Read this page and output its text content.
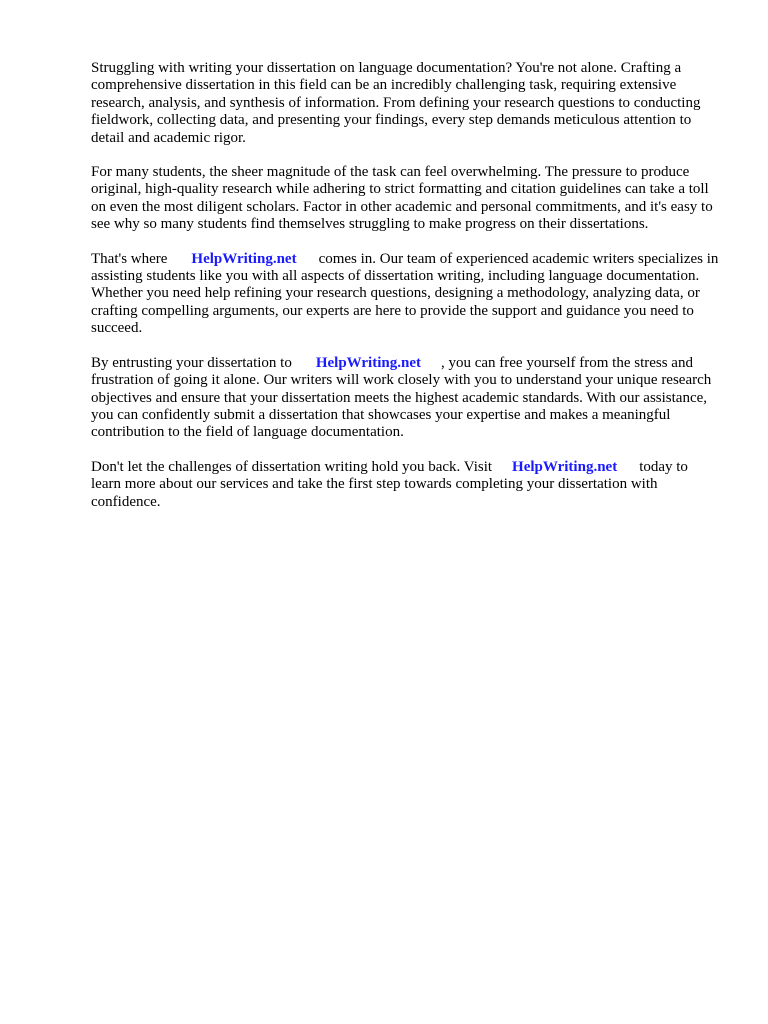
Struggling with writing your dissertation on language documentation? You're not alone. Crafting a comprehensive dissertation in this field can be an incredibly challenging task, requiring extensive research, analysis, and synthesis of information. From defining your research questions to conducting fieldwork, collecting data, and presenting your findings, every step demands meticulous attention to detail and academic rigor.

For many students, the sheer magnitude of the task can feel overwhelming. The pressure to produce original, high-quality research while adhering to strict formatting and citation guidelines can take a toll on even the most diligent scholars. Factor in other academic and personal commitments, and it's easy to see why so many students find themselves struggling to make progress on their dissertations.

That's where HelpWriting.net comes in. Our team of experienced academic writers specializes in assisting students like you with all aspects of dissertation writing, including language documentation. Whether you need help refining your research questions, designing a methodology, analyzing data, or crafting compelling arguments, our experts are here to provide the support and guidance you need to succeed.

By entrusting your dissertation to HelpWriting.net , you can free yourself from the stress and frustration of going it alone. Our writers will work closely with you to understand your unique research objectives and ensure that your dissertation meets the highest academic standards. With our assistance, you can confidently submit a dissertation that showcases your expertise and makes a meaningful contribution to the field of language documentation.

Don't let the challenges of dissertation writing hold you back. Visit HelpWriting.net today to learn more about our services and take the first step towards completing your dissertation with confidence.
